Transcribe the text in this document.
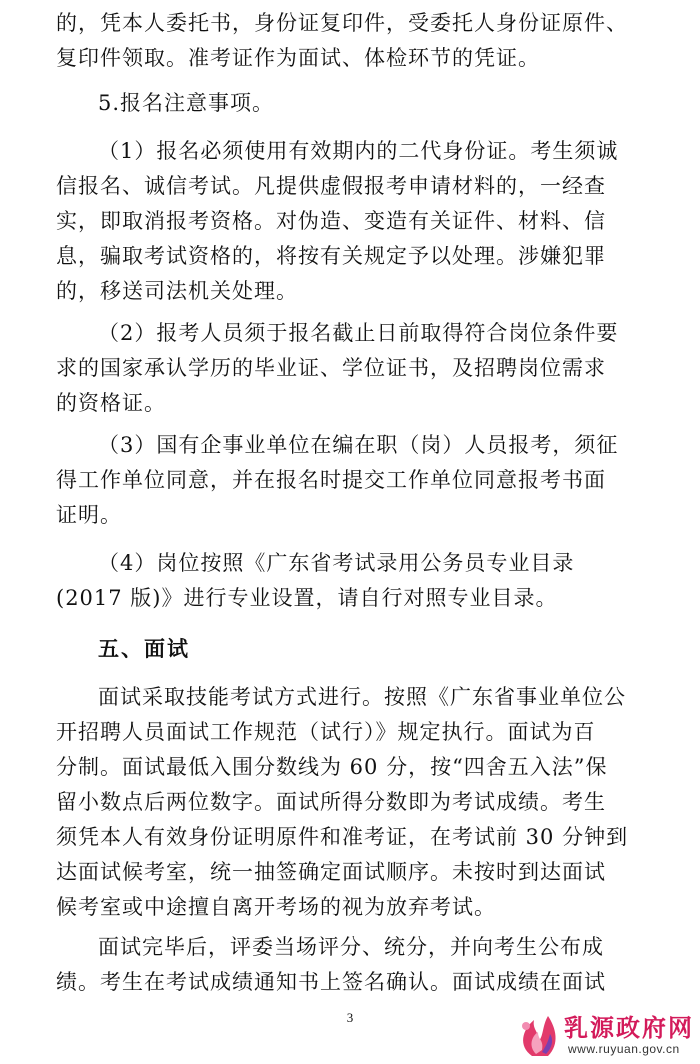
的，凭本人委托书，身份证复印件，受委托人身份证原件、
复印件领取。准考证作为面试、体检环节的凭证。

5.报名注意事项。

（1）报名必须使用有效期内的二代身份证。考生须诚
信报名、诚信考试。凡提供虚假报考申请材料的，一经查
实，即取消报考资格。对伪造、变造有关证件、材料、信
息，骗取考试资格的，将按有关规定予以处理。涉嫌犯罪
的，移送司法机关处理。

（2）报考人员须于报名截止日前取得符合岗位条件要
求的国家承认学历的毕业证、学位证书，及招聘岗位需求
的资格证。

（3）国有企事业单位在编在职（岗）人员报考，须征
得工作单位同意，并在报名时提交工作单位同意报考书面
证明。

（4）岗位按照《广东省考试录用公务员专业目录
(2017 版)》进行专业设置，请自行对照专业目录。

五、面试

面试采取技能考试方式进行。按照《广东省事业单位公
开招聘人员面试工作规范（试行）》规定执行。面试为百
分制。面试最低入围分数线为 60 分，按“四舍五入法”保
留小数点后两位数字。面试所得分数即为考试成绩。考生
须凭本人有效身份证明原件和准考证，在考试前 30 分钟到
达面试候考室，统一抽签确定面试顺序。未按时到达面试
候考室或中途擅自离开考场的视为放弃考试。

面试完毕后，评委当场评分、统分，并向考生公布成
绩。考生在考试成绩通知书上签名确认。面试成绩在面试

3	乳源政府网
www.ruyuan.gov.cn
